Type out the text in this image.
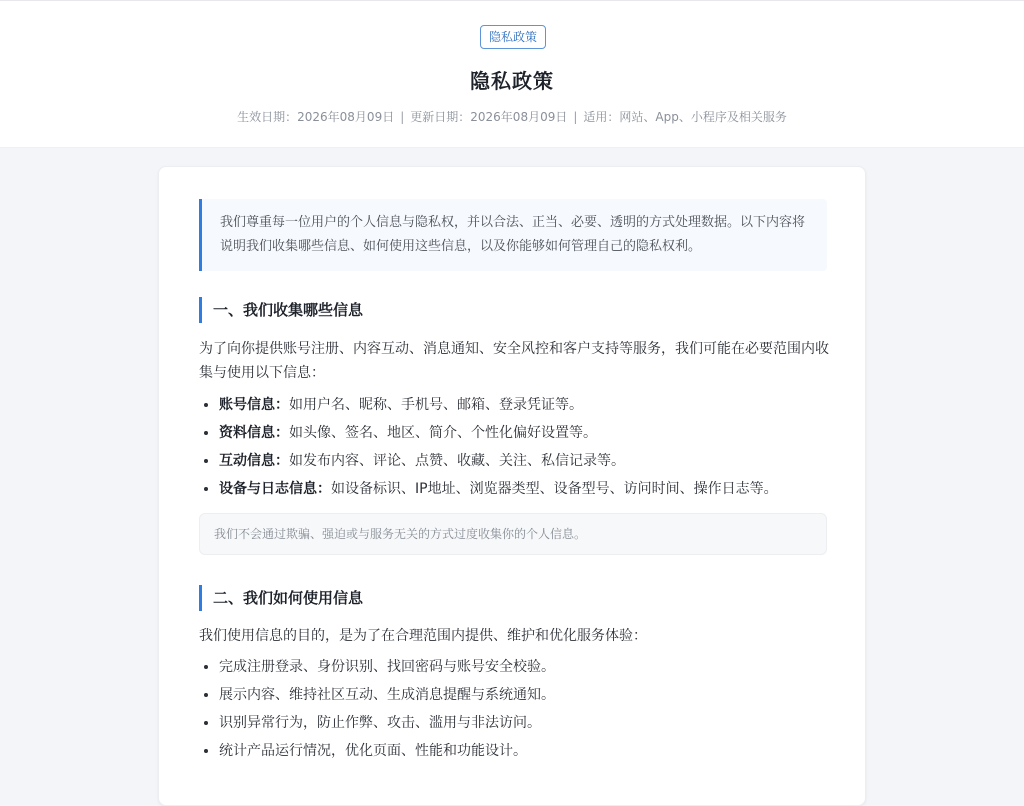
隐私政策
隐私政策
生效日期：2026年08月09日 | 更新日期：2026年08月09日 | 适用：网站、App、小程序及相关服务
我们尊重每一位用户的个人信息与隐私权，并以合法、正当、必要、透明的方式处理数据。以下内容将说明我们收集哪些信息、如何使用这些信息，以及你能够如何管理自己的隐私权利。
一、我们收集哪些信息
为了向你提供账号注册、内容互动、消息通知、安全风控和客户支持等服务，我们可能在必要范围内收集与使用以下信息：
• 账号信息：如用户名、昵称、手机号、邮箱、登录凭证等。
• 资料信息：如头像、签名、地区、简介、个性化偏好设置等。
• 互动信息：如发布内容、评论、点赞、收藏、关注、私信记录等。
• 设备与日志信息：如设备标识、IP地址、浏览器类型、设备型号、访问时间、操作日志等。
我们不会通过欺骗、强迫或与服务无关的方式过度收集你的个人信息。
二、我们如何使用信息
我们使用信息的目的，是为了在合理范围内提供、维护和优化服务体验：
• 完成注册登录、身份识别、找回密码与账号安全校验。
• 展示内容、维持社区互动、生成消息提醒与系统通知。
• 识别异常行为，防止作弊、攻击、滥用与非法访问。
• 统计产品运行情况，优化页面、性能和功能设计。
